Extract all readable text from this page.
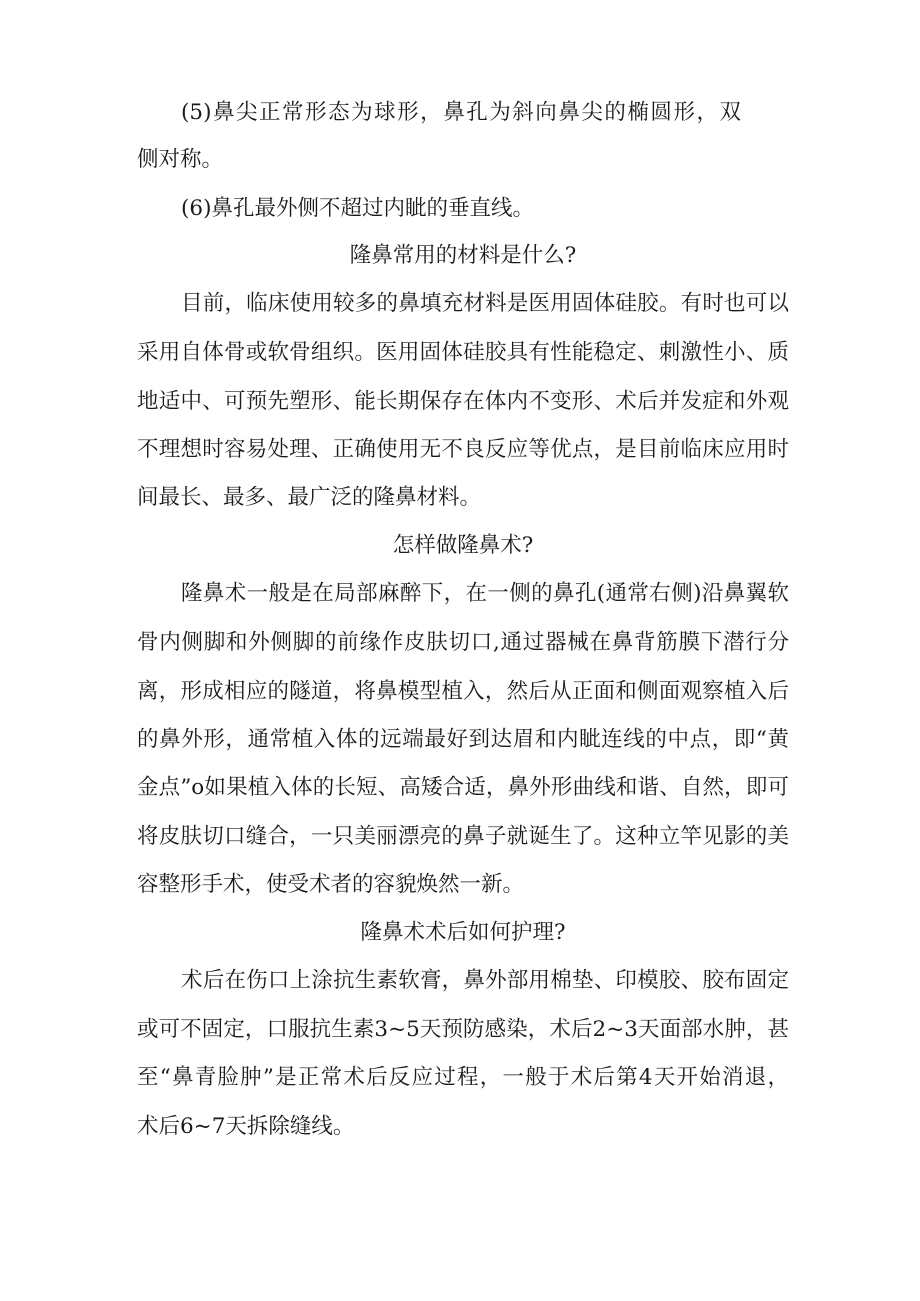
(5)鼻尖正常形态为球形，鼻孔为斜向鼻尖的椭圆形，双
侧对称。
(6)鼻孔最外侧不超过内眦的垂直线。
隆鼻常用的材料是什么?
目前，临床使用较多的鼻填充材料是医用固体硅胶。有时也可以
采用自体骨或软骨组织。医用固体硅胶具有性能稳定、刺激性小、质
地适中、可预先塑形、能长期保存在体内不变形、术后并发症和外观
不理想时容易处理、正确使用无不良反应等优点，是目前临床应用时
间最长、最多、最广泛的隆鼻材料。
怎样做隆鼻术?
隆鼻术一般是在局部麻醉下，在一侧的鼻孔(通常右侧)沿鼻翼软
骨内侧脚和外侧脚的前缘作皮肤切口,通过器械在鼻背筋膜下潜行分
离，形成相应的隧道，将鼻模型植入，然后从正面和侧面观察植入后
的鼻外形，通常植入体的远端最好到达眉和内眦连线的中点，即“黄
金点”o如果植入体的长短、高矮合适，鼻外形曲线和谐、自然，即可
将皮肤切口缝合，一只美丽漂亮的鼻子就诞生了。这种立竿见影的美
容整形手术，使受术者的容貌焕然一新。
隆鼻术术后如何护理?
术后在伤口上涂抗生素软膏，鼻外部用棉垫、印模胶、胶布固定
或可不固定，口服抗生素3~5天预防感染，术后2~3天面部水肿，甚
至“鼻青脸肿”是正常术后反应过程，一般于术后第4天开始消退，
术后6~7天拆除缝线。
